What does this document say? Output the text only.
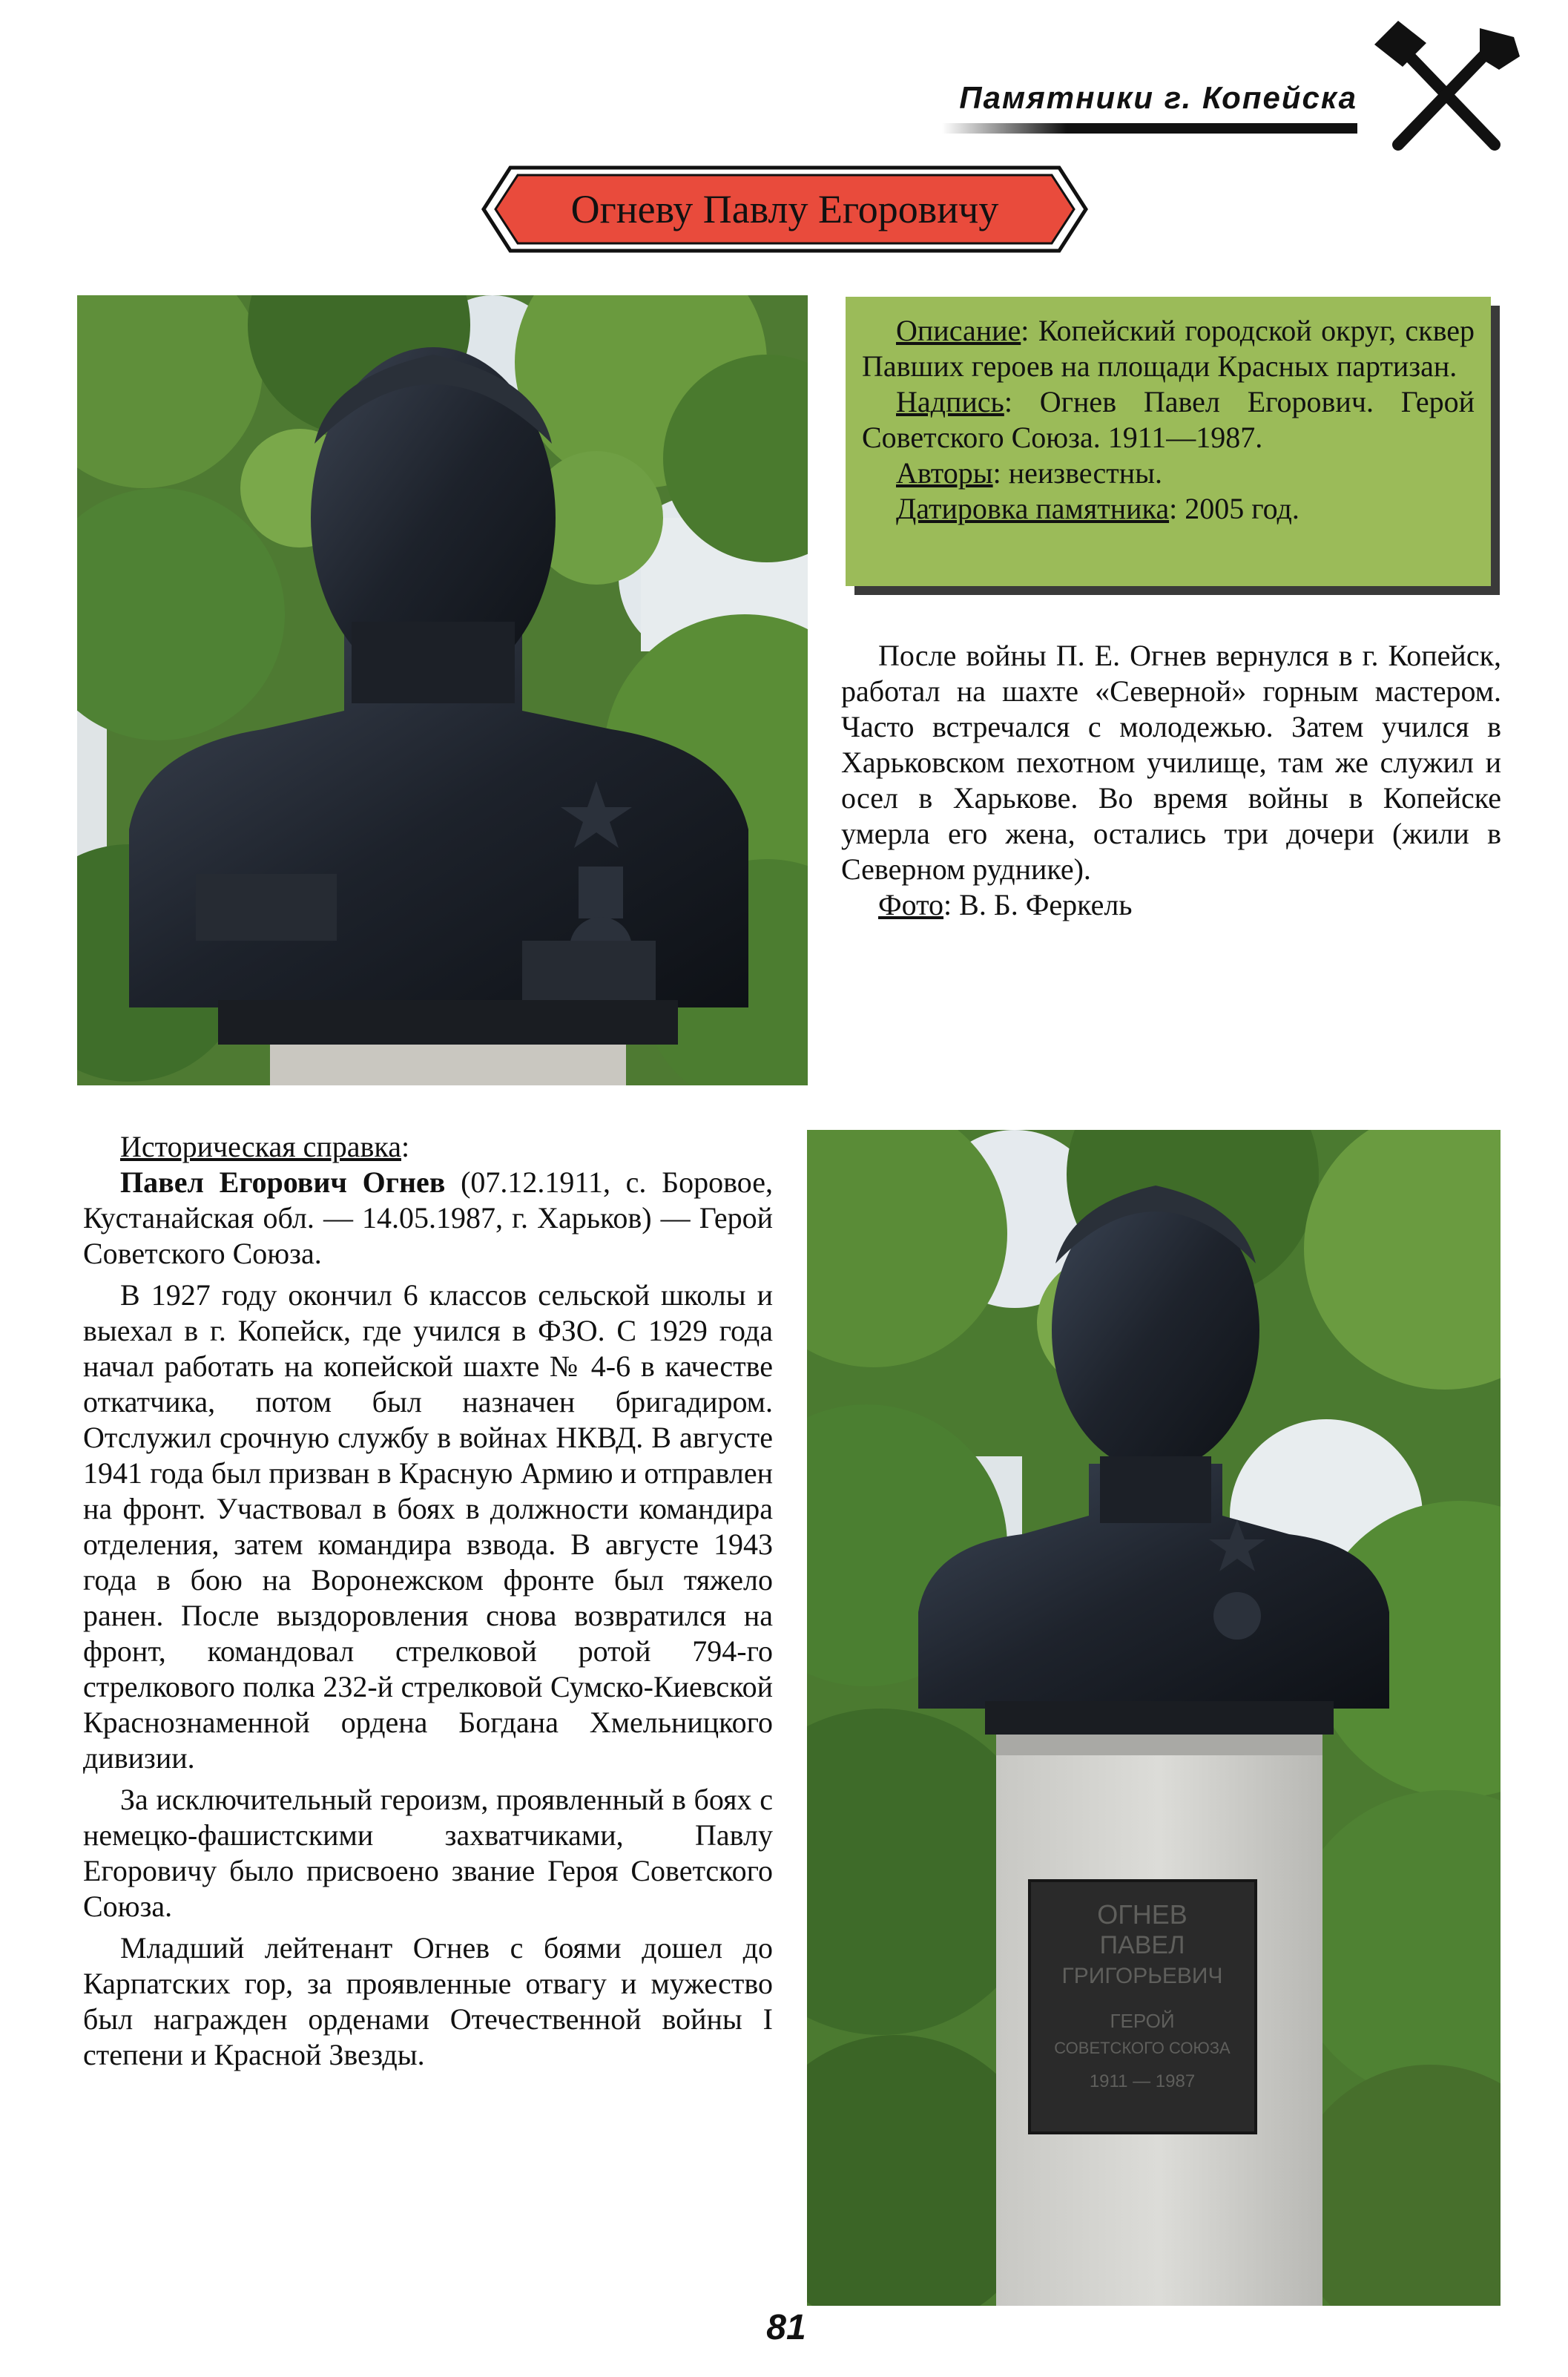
Памятники г. Копейска
Огневу Павлу Егоровичу

Описание: Копейский городской округ, сквер Павших героев на площади Красных партизан.

Надпись: Огнев Павел Егорович. Герой Советского Союза. 1911—1987.

Авторы: неизвестны.

Датировка памятника: 2005 год.

После войны П. Е. Огнев вернулся в г. Копейск, работал на шахте «Северной» горным мастером. Часто встречался с молодежью. Затем учился в Харьковском пехотном училище, там же служил и осел в Харькове. Во время войны в Копейске умерла его жена, остались три дочери (жили в Северном руднике).

Фото: В. Б. Феркель

Историческая справка:

Павел Егорович Огнев (07.12.1911, с. Боровое, Кустанайская обл. — 14.05.1987, г. Харьков) — Герой Советского Союза.

В 1927 году окончил 6 классов сельской школы и выехал в г. Копейск, где учился в ФЗО. С 1929 года начал работать на копейской шахте № 4-6 в качестве откатчика, потом был назначен бригадиром. Отслужил срочную службу в войнах НКВД. В августе 1941 года был призван в Красную Армию и отправлен на фронт. Участвовал в боях в должности командира отделения, затем командира взвода. В августе 1943 года в бою на Воронежском фронте был тяжело ранен. После выздоровления снова возвратился на фронт, командовал стрелковой ротой 794-го стрелкового полка 232-й стрелковой Сумско-Киевской Краснознаменной ордена Богдана Хмельницкого дивизии.

За исключительный героизм, проявленный в боях с немецко-фашистскими захватчиками, Павлу Егоровичу было присвоено звание Героя Советского Союза.

Младший лейтенант Огнев с боями дошел до Карпатских гор, за проявленные отвагу и мужество был награжден орденами Отечественной войны I степени и Красной Звезды.

ОГНЕВ
ПАВЕЛ
ГРИГОРЬЕВИЧ
ГЕРОЙ
СОВЕТСКОГО СОЮЗА
1911 — 1987
81
